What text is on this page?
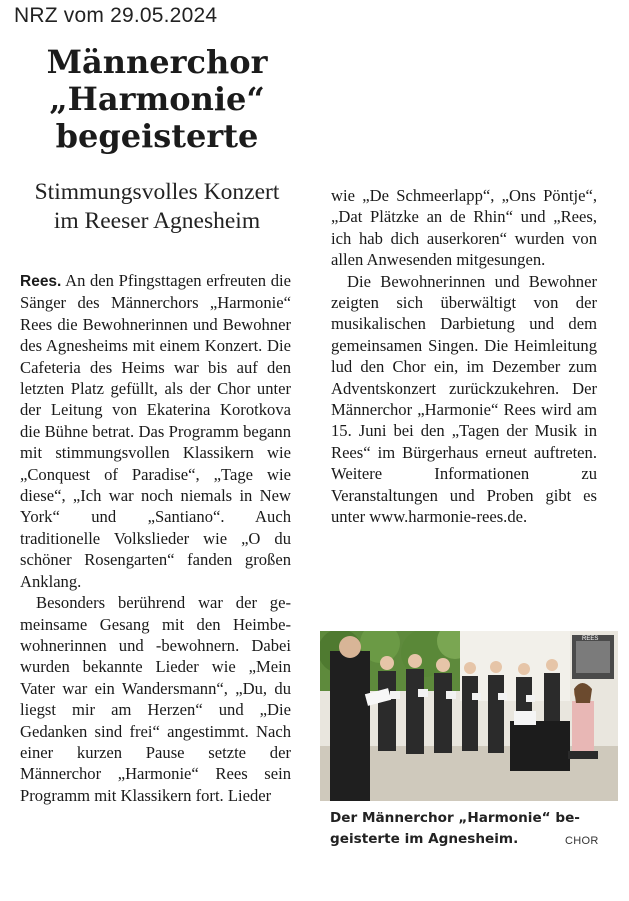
NRZ vom 29.05.2024
Männerchor
„Harmonie“
begeisterte
Stimmungsvolles Konzert
im Reeser Agnesheim

Rees. An den Pfingsttagen erfreuten die Sänger des Männerchors „Harmonie“ Rees die Bewohnerinnen und Bewohner des Agnesheims mit einem Konzert. Die Cafeteria des Heims war bis auf den letzten Platz gefüllt, als der Chor unter der Leitung von Ekaterina Korotkova die Bühne betrat. Das Programm begann mit stimmungsvollen Klassikern wie „Conquest of Paradise“, „Tage wie diese“, „Ich war noch niemals in New York“ und „Santiano“. Auch traditionelle Volkslieder wie „O du schöner Rosengarten“ fanden großen Anklang.

Besonders berührend war der gemeinsame Gesang mit den Heimbewohnerinnen und -bewohnern. Dabei wurden bekannte Lieder wie „Mein Vater war ein Wandersmann“, „Du, du liegst mir am Herzen“ und „Die Gedanken sind frei“ angestimmt. Nach einer kurzen Pause setzte der Männerchor „Harmonie“ Rees sein Programm mit Klassikern fort. Lieder

wie „De Schmeerlapp“, „Ons Pöntje“, „Dat Plätzke an de Rhin“ und „Rees, ich hab dich auserkoren“ wurden von allen Anwesenden mitgesungen.

Die Bewohnerinnen und Bewohner zeigten sich überwältigt von der musikalischen Darbietung und dem gemeinsamen Singen. Die Heimleitung lud den Chor ein, im Dezember zum Adventskonzert zurückzukehren. Der Männerchor „Harmonie“ Rees wird am 15. Juni bei den „Tagen der Musik in Rees“ im Bürgerhaus erneut auftreten. Weitere Informationen zu Veranstaltungen und Proben gibt es unter www.harmonie-rees.de.

REES
Der Männerchor „Harmonie“ be-
geisterte im Agnesheim.	CHOR
